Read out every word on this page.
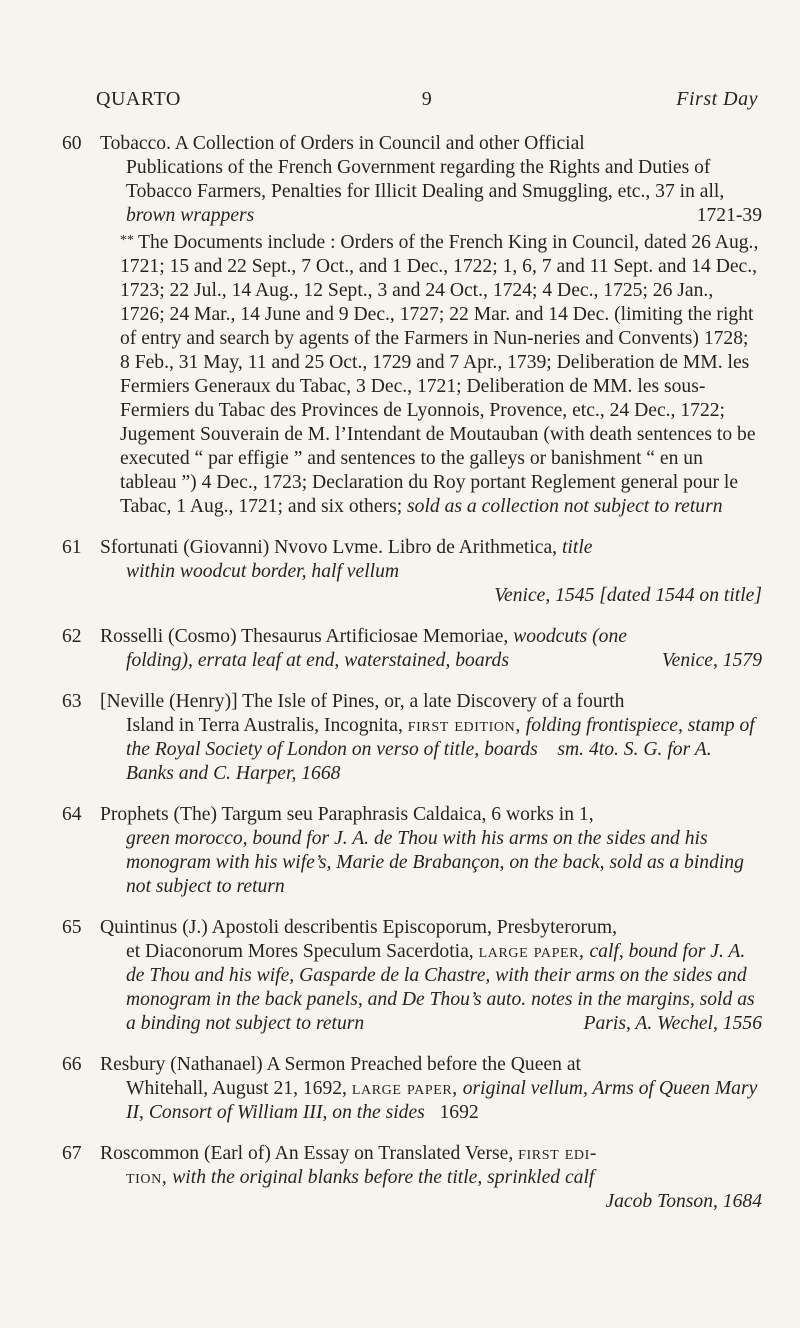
QUARTO	9	First Day
60 Tobacco. A Collection of Orders in Council and other Official
Publications of the French Government regarding the Rights and Duties of Tobacco Farmers, Penalties for Illicit Dealing and Smuggling, etc., 37 in all, brown wrappers	1721-39
** The Documents include : Orders of the French King in Council, dated 26 Aug., 1721; 15 and 22 Sept., 7 Oct., and 1 Dec., 1722; 1, 6, 7 and 11 Sept. and 14 Dec., 1723; 22 Jul., 14 Aug., 12 Sept., 3 and 24 Oct., 1724; 4 Dec., 1725; 26 Jan., 1726; 24 Mar., 14 June and 9 Dec., 1727; 22 Mar. and 14 Dec. (limiting the right of entry and search by agents of the Farmers in Nun-neries and Convents) 1728; 8 Feb., 31 May, 11 and 25 Oct., 1729 and 7 Apr., 1739; Deliberation de MM. les Fermiers Generaux du Tabac, 3 Dec., 1721; Deliberation de MM. les sous-Fermiers du Tabac des Provinces de Lyonnois, Provence, etc., 24 Dec., 1722; Jugement Souverain de M. l’Intendant de Moutauban (with death sentences to be executed “ par effigie ” and sentences to the galleys or banishment “ en un tableau ”) 4 Dec., 1723; Declaration du Roy portant Reglement general pour le Tabac, 1 Aug., 1721; and six others; sold as a collection not subject to return
61 Sfortunati (Giovanni) Nvovo Lvme. Libro de Arithmetica, title
within woodcut border, half vellum
Venice, 1545 [dated 1544 on title]
62 Rosselli (Cosmo) Thesaurus Artificiosae Memoriae, woodcuts (one
folding), errata leaf at end, waterstained, boards	Venice, 1579
63 [Neville (Henry)] The Isle of Pines, or, a late Discovery of a fourth
Island in Terra Australis, Incognita, first edition, folding frontispiece, stamp of the Royal Society of London on verso of title, boards sm. 4to. S. G. for A. Banks and C. Harper, 1668
64 Prophets (The) Targum seu Paraphrasis Caldaica, 6 works in 1,
green morocco, bound for J. A. de Thou with his arms on the sides and his monogram with his wife’s, Marie de Brabançon, on the back, sold as a binding not subject to return
65 Quintinus (J.) Apostoli describentis Episcoporum, Presbyterorum,
et Diaconorum Mores Speculum Sacerdotia, large paper, calf, bound for J. A. de Thou and his wife, Gasparde de la Chastre, with their arms on the sides and monogram in the back panels, and De Thou’s auto. notes in the margins, sold as a binding not subject to return	Paris, A. Wechel, 1556
66 Resbury (Nathanael) A Sermon Preached before the Queen at
Whitehall, August 21, 1692, large paper, original vellum, Arms of Queen Mary II, Consort of William III, on the sides 1692
67 Roscommon (Earl of) An Essay on Translated Verse, first edi-
tion, with the original blanks before the title, sprinkled calf
Jacob Tonson, 1684
